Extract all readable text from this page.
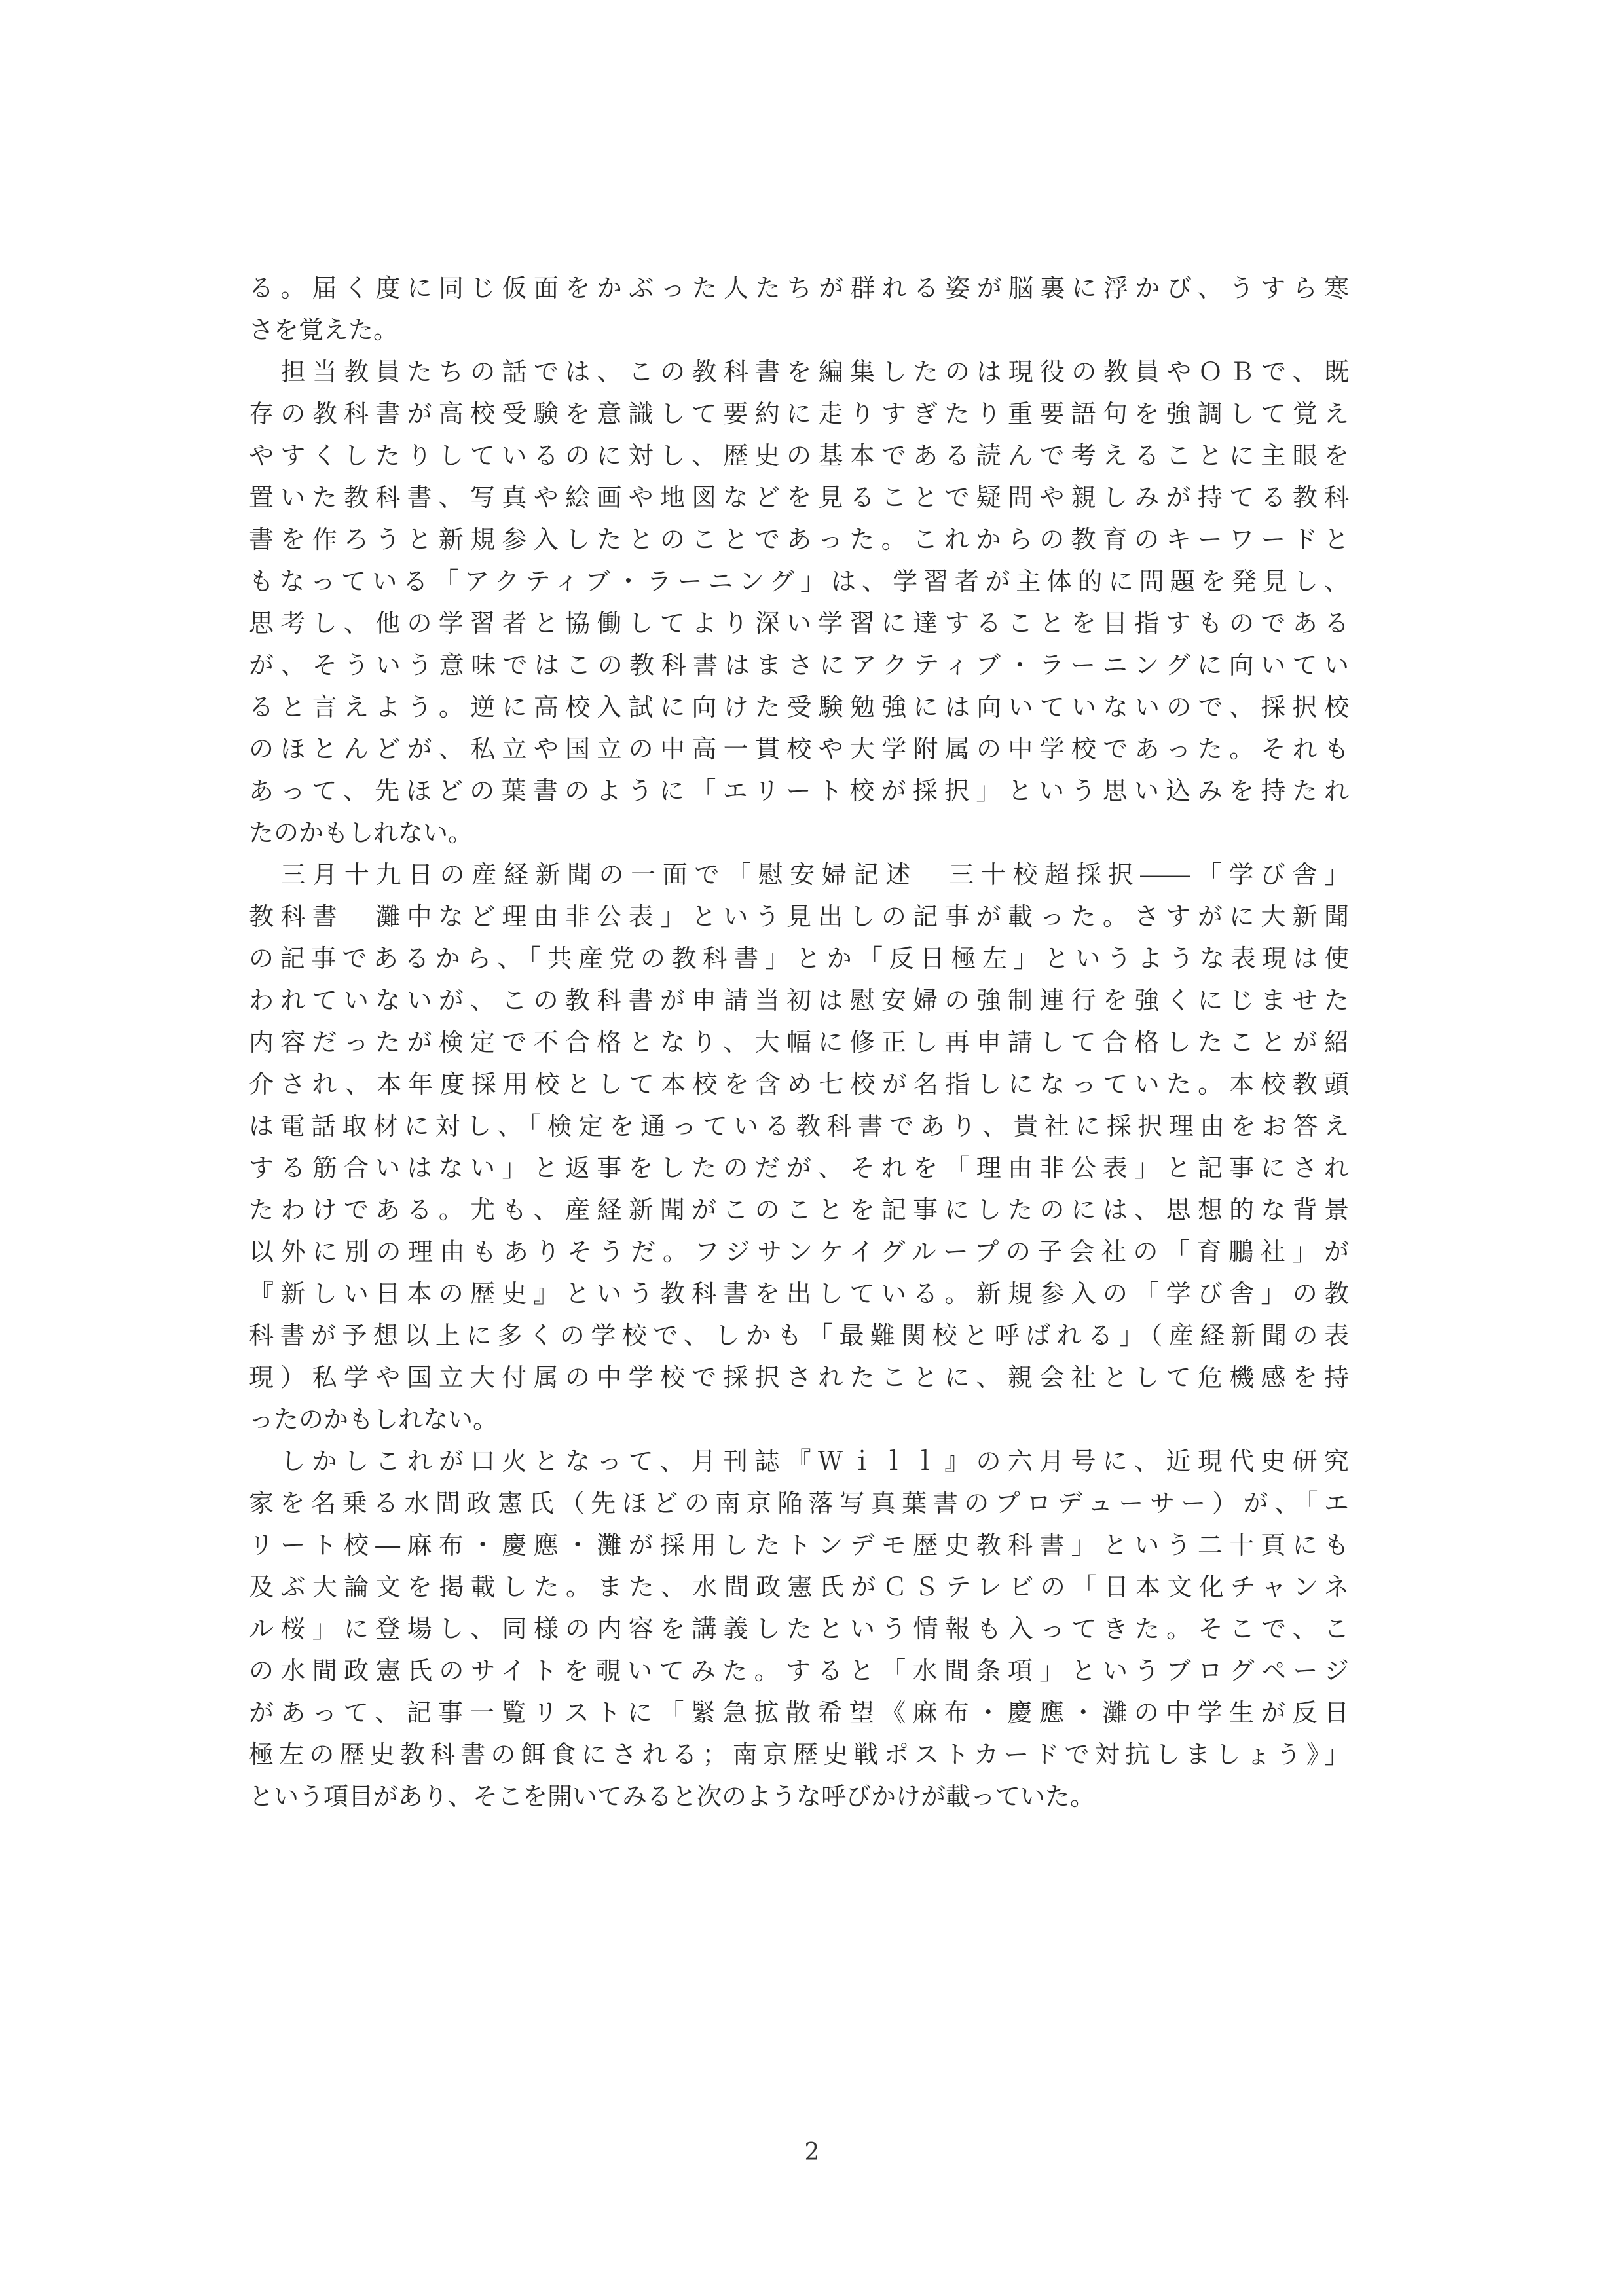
る。届く度に同じ仮面をかぶった人たちが群れる姿が脳裏に浮かび、うすら寒
さを覚えた。
　担当教員たちの話では、この教科書を編集したのは現役の教員やＯＢで、既
存の教科書が高校受験を意識して要約に走りすぎたり重要語句を強調して覚え
やすくしたりしているのに対し、歴史の基本である読んで考えることに主眼を
置いた教科書、写真や絵画や地図などを見ることで疑問や親しみが持てる教科
書を作ろうと新規参入したとのことであった。これからの教育のキーワードと
もなっている「アクティブ・ラーニング」は、学習者が主体的に問題を発見し、
思考し、他の学習者と協働してより深い学習に達することを目指すものである
が、そういう意味ではこの教科書はまさにアクティブ・ラーニングに向いてい
ると言えよう。逆に高校入試に向けた受験勉強には向いていないので、採択校
のほとんどが、私立や国立の中高一貫校や大学附属の中学校であった。それも
あって、先ほどの葉書のように「エリート校が採択」という思い込みを持たれ
たのかもしれない。
　三月十九日の産経新聞の一面で「慰安婦記述　三十校超採択――「学び舎」
教科書　灘中など理由非公表」という見出しの記事が載った。さすがに大新聞
の記事であるから、「共産党の教科書」とか「反日極左」というような表現は使
われていないが、この教科書が申請当初は慰安婦の強制連行を強くにじませた
内容だったが検定で不合格となり、大幅に修正し再申請して合格したことが紹
介され、本年度採用校として本校を含め七校が名指しになっていた。本校教頭
は電話取材に対し、「検定を通っている教科書であり、貴社に採択理由をお答え
する筋合いはない」と返事をしたのだが、それを「理由非公表」と記事にされ
たわけである。尤も、産経新聞がこのことを記事にしたのには、思想的な背景
以外に別の理由もありそうだ。フジサンケイグループの子会社の「育鵬社」が
『新しい日本の歴史』という教科書を出している。新規参入の「学び舎」の教
科書が予想以上に多くの学校で、しかも「最難関校と呼ばれる」（産経新聞の表
現）私学や国立大付属の中学校で採択されたことに、親会社として危機感を持
ったのかもしれない。
　しかしこれが口火となって、月刊誌『Ｗｉｌｌ』の六月号に、近現代史研究
家を名乗る水間政憲氏（先ほどの南京陥落写真葉書のプロデューサー）が、「エ
リート校―麻布・慶應・灘が採用したトンデモ歴史教科書」という二十頁にも
及ぶ大論文を掲載した。また、水間政憲氏がＣＳテレビの「日本文化チャンネ
ル桜」に登場し、同様の内容を講義したという情報も入ってきた。そこで、こ
の水間政憲氏のサイトを覗いてみた。すると「水間条項」というブログページ
があって、記事一覧リストに「緊急拡散希望《麻布・慶應・灘の中学生が反日
極左の歴史教科書の餌食にされる；南京歴史戦ポストカードで対抗しましょう》」
という項目があり、そこを開いてみると次のような呼びかけが載っていた。
2
